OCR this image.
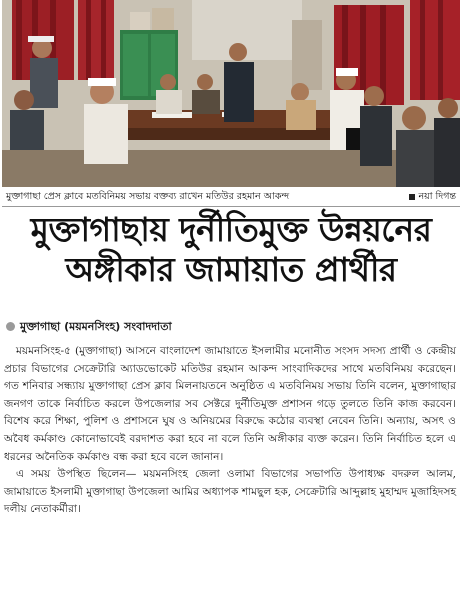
মুক্তাগাছা প্রেস ক্লাবে মতবিনিময় সভায় বক্তব্য রাখেন মতিউর রহমান আকন্দ	নয়া দিগন্ত
মুক্তাগাছায় দুর্নীতিমুক্ত উন্নয়নের
অঙ্গীকার জামায়াত প্রার্থীর
মুক্তাগাছা (ময়মনসিংহ) সংবাদদাতা

ময়মনসিংহ-৫ (মুক্তাগাছা) আসনে বাংলাদেশ জামায়াতে ইসলামীর মনোনীত সংসদ সদস্য প্রার্থী ও কেন্দ্রীয় প্রচার বিভাগের সেক্রেটারি অ্যাডভোকেট মতিউর রহমান আকন্দ সাংবাদিকদের সাথে মতবিনিময় করেছেন। গত শনিবার সন্ধ্যায় মুক্তাগাছা প্রেস ক্লাব মিলনায়তনে অনুষ্ঠিত এ মতবিনিময় সভায় তিনি বলেন, মুক্তাগাছার জনগণ তাকে নির্বাচিত করলে উপজেলার সব সেক্টরে দুর্নীতিমুক্ত প্রশাসন গড়ে তুলতে তিনি কাজ করবেন। বিশেষ করে শিক্ষা, পুলিশ ও প্রশাসনে ঘুষ ও অনিয়মের বিরুদ্ধে কঠোর ব্যবস্থা নেবেন তিনি। অন্যায়, অসৎ ও অবৈধ কর্মকাণ্ড কোনোভাবেই বরদাশত করা হবে না বলে তিনি অঙ্গীকার ব্যক্ত করেন। তিনি নির্বাচিত হলে এ ধরনের অনৈতিক কর্মকাণ্ড বন্ধ করা হবে বলে জানান।

এ সময় উপস্থিত ছিলেন— ময়মনসিংহ জেলা ওলামা বিভাগের সভাপতি উপাধ্যক্ষ বদরুল আলম, জামায়াতে ইসলামী মুক্তাগাছা উপজেলা আমির অধ্যাপক শামছুল হক, সেক্রেটারি আব্দুল্লাহ মুহাম্মদ মুজাহিদসহ দলীয় নেতাকর্মীরা।
